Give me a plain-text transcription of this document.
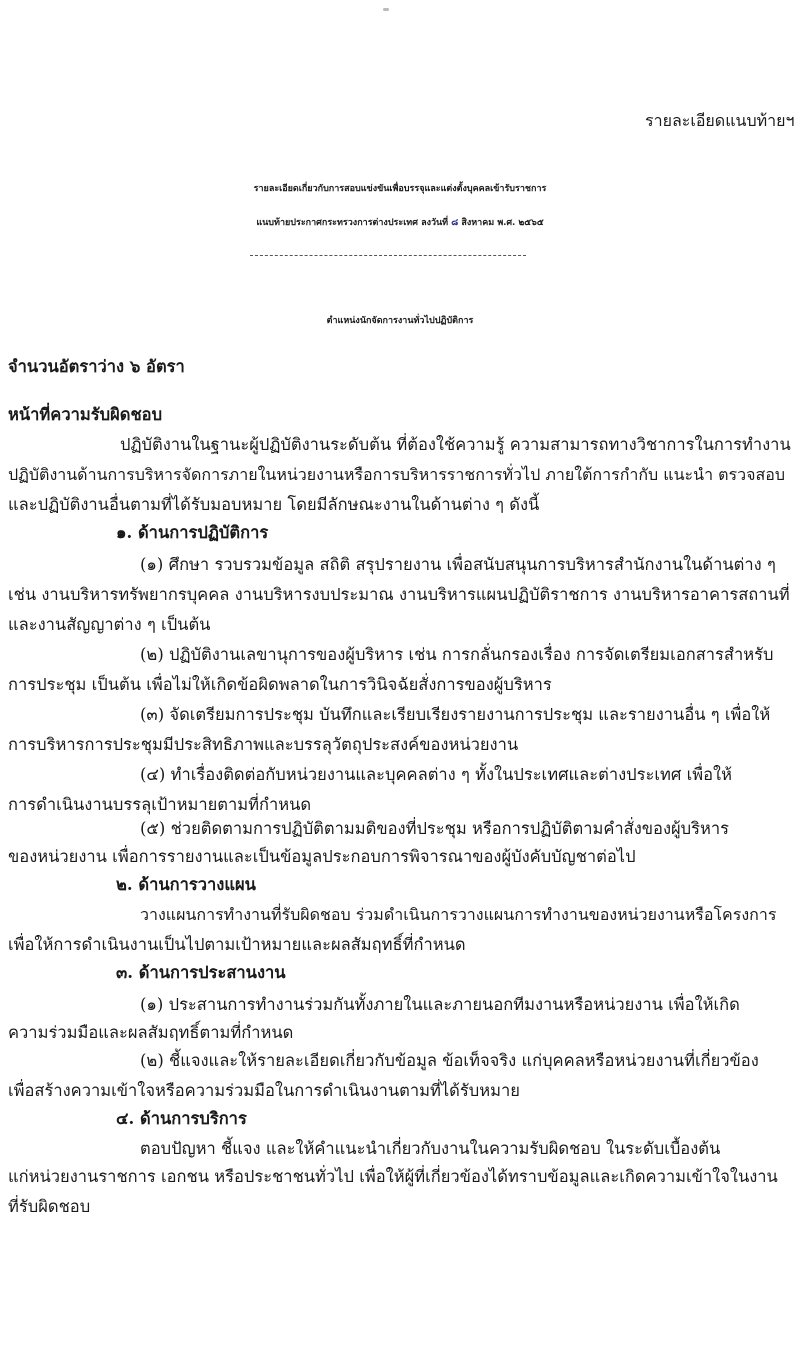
รายละเอียดแนบท้ายฯ
รายละเอียดเกี่ยวกับการสอบแข่งขันเพื่อบรรจุและแต่งตั้งบุคคลเข้ารับราชการ
แนบท้ายประกาศกระทรวงการต่างประเทศ ลงวันที่ ๘ สิงหาคม พ.ศ. ๒๕๖๕
ตำแหน่งนักจัดการงานทั่วไปปฏิบัติการ
จำนวนอัตราว่าง ๖ อัตรา
หน้าที่ความรับผิดชอบ
ปฏิบัติงานในฐานะผู้ปฏิบัติงานระดับต้น ที่ต้องใช้ความรู้ ความสามารถทางวิชาการในการทำงาน
ปฏิบัติงานด้านการบริหารจัดการภายในหน่วยงานหรือการบริหารราชการทั่วไป ภายใต้การกำกับ แนะนำ ตรวจสอบ
และปฏิบัติงานอื่นตามที่ได้รับมอบหมาย โดยมีลักษณะงานในด้านต่าง ๆ ดังนี้
๑. ด้านการปฏิบัติการ
(๑) ศึกษา รวบรวมข้อมูล สถิติ สรุปรายงาน เพื่อสนับสนุนการบริหารสำนักงานในด้านต่าง ๆ
เช่น งานบริหารทรัพยากรบุคคล งานบริหารงบประมาณ งานบริหารแผนปฏิบัติราชการ งานบริหารอาคารสถานที่
และงานสัญญาต่าง ๆ เป็นต้น
(๒) ปฏิบัติงานเลขานุการของผู้บริหาร เช่น การกลั่นกรองเรื่อง การจัดเตรียมเอกสารสำหรับ
การประชุม เป็นต้น เพื่อไม่ให้เกิดข้อผิดพลาดในการวินิจฉัยสั่งการของผู้บริหาร
(๓) จัดเตรียมการประชุม บันทึกและเรียบเรียงรายงานการประชุม และรายงานอื่น ๆ เพื่อให้
การบริหารการประชุมมีประสิทธิภาพและบรรลุวัตถุประสงค์ของหน่วยงาน
(๔) ทำเรื่องติดต่อกับหน่วยงานและบุคคลต่าง ๆ ทั้งในประเทศและต่างประเทศ เพื่อให้
การดำเนินงานบรรลุเป้าหมายตามที่กำหนด
(๕) ช่วยติดตามการปฏิบัติตามมติของที่ประชุม หรือการปฏิบัติตามคำสั่งของผู้บริหาร
ของหน่วยงาน เพื่อการรายงานและเป็นข้อมูลประกอบการพิจารณาของผู้บังคับบัญชาต่อไป
๒. ด้านการวางแผน
วางแผนการทำงานที่รับผิดชอบ ร่วมดำเนินการวางแผนการทำงานของหน่วยงานหรือโครงการ
เพื่อให้การดำเนินงานเป็นไปตามเป้าหมายและผลสัมฤทธิ์ที่กำหนด
๓. ด้านการประสานงาน
(๑) ประสานการทำงานร่วมกันทั้งภายในและภายนอกทีมงานหรือหน่วยงาน เพื่อให้เกิด
ความร่วมมือและผลสัมฤทธิ์ตามที่กำหนด
(๒) ชี้แจงและให้รายละเอียดเกี่ยวกับข้อมูล ข้อเท็จจริง แก่บุคคลหรือหน่วยงานที่เกี่ยวข้อง
เพื่อสร้างความเข้าใจหรือความร่วมมือในการดำเนินงานตามที่ได้รับหมาย
๔. ด้านการบริการ
ตอบปัญหา ชี้แจง และให้คำแนะนำเกี่ยวกับงานในความรับผิดชอบ ในระดับเบื้องต้น
แก่หน่วยงานราชการ เอกชน หรือประชาชนทั่วไป เพื่อให้ผู้ที่เกี่ยวข้องได้ทราบข้อมูลและเกิดความเข้าใจในงาน
ที่รับผิดชอบ
